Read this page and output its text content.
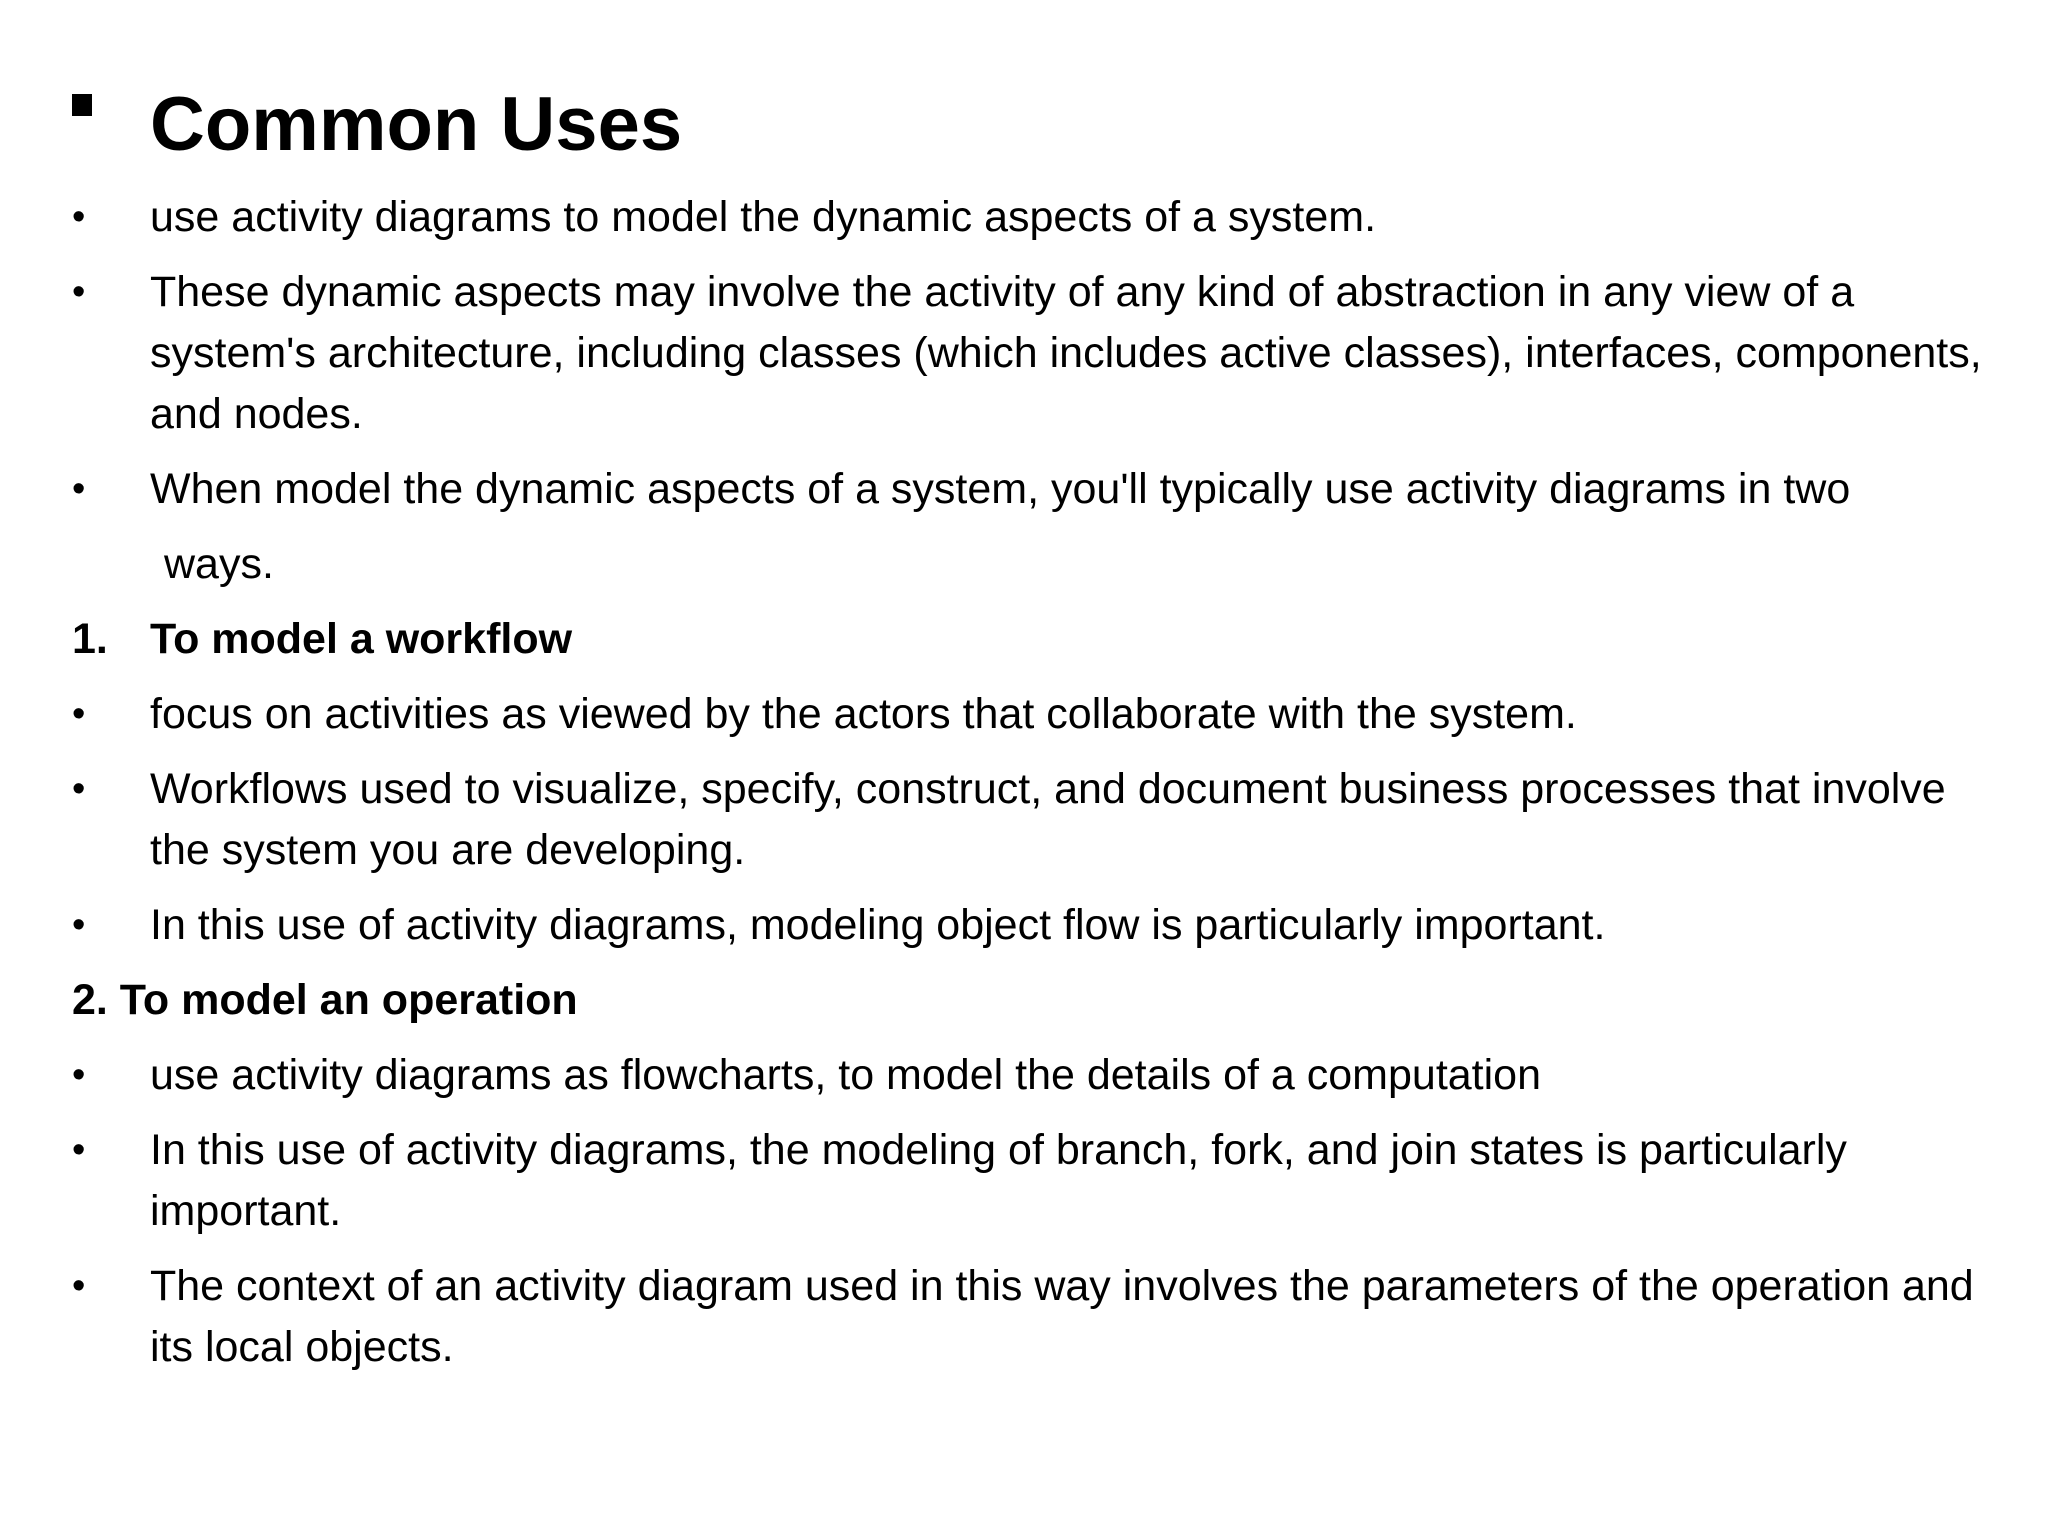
Common Uses
•	use activity diagrams to model the dynamic aspects of a system.
•	These dynamic aspects may involve the activity of any kind of abstraction in any view of a system's architecture, including classes (which includes active classes), interfaces, components, and nodes.
•	When model the dynamic aspects of a system, you'll typically use activity diagrams in two
ways.
1. To model a workflow
•	focus on activities as viewed by the actors that collaborate with the system.
•	Workflows used to visualize, specify, construct, and document business processes that involve the system you are developing.
•	In this use of activity diagrams, modeling object flow is particularly important.
2. To model an operation
•	use activity diagrams as flowcharts, to model the details of a computation
•	In this use of activity diagrams, the modeling of branch, fork, and join states is particularly important.
•	The context of an activity diagram used in this way involves the parameters of the operation and its local objects.
